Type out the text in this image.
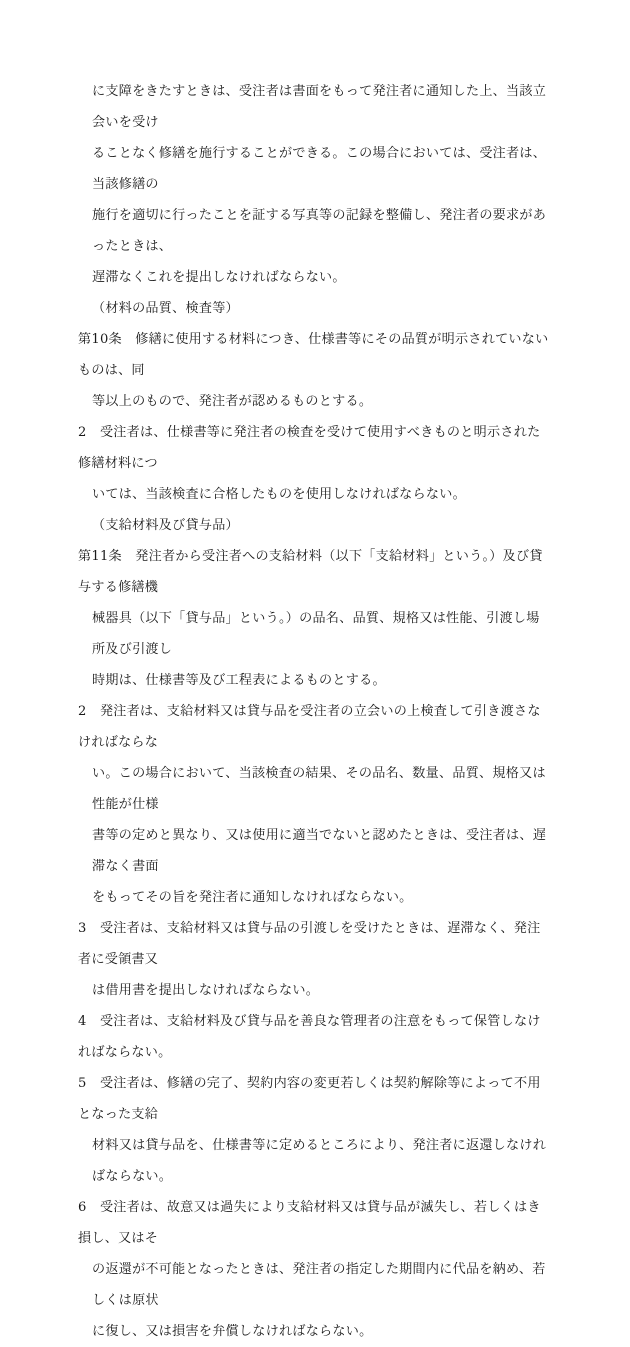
に支障をきたすときは、受注者は書面をもって発注者に通知した上、当該立会いを受け
ることなく修繕を施行することができる。この場合においては、受注者は、当該修繕の
施行を適切に行ったことを証する写真等の記録を整備し、発注者の要求があったときは、
遅滞なくこれを提出しなければならない。
（材料の品質、検査等）
第10条　修繕に使用する材料につき、仕様書等にその品質が明示されていないものは、同
等以上のもので、発注者が認めるものとする。
2　受注者は、仕様書等に発注者の検査を受けて使用すべきものと明示された修繕材料につ
いては、当該検査に合格したものを使用しなければならない。
（支給材料及び貸与品）
第11条　発注者から受注者への支給材料（以下「支給材料」という。）及び貸与する修繕機
械器具（以下「貸与品」という。）の品名、品質、規格又は性能、引渡し場所及び引渡し
時期は、仕様書等及び工程表によるものとする。
2　発注者は、支給材料又は貸与品を受注者の立会いの上検査して引き渡さなければならな
い。この場合において、当該検査の結果、その品名、数量、品質、規格又は性能が仕様
書等の定めと異なり、又は使用に適当でないと認めたときは、受注者は、遅滞なく書面
をもってその旨を発注者に通知しなければならない。
3　受注者は、支給材料又は貸与品の引渡しを受けたときは、遅滞なく、発注者に受領書又
は借用書を提出しなければならない。
4　受注者は、支給材料及び貸与品を善良な管理者の注意をもって保管しなければならない。
5　受注者は、修繕の完了、契約内容の変更若しくは契約解除等によって不用となった支給
材料又は貸与品を、仕様書等に定めるところにより、発注者に返還しなければならない。
6　受注者は、故意又は過失により支給材料又は貸与品が滅失し、若しくはき損し、又はそ
の返還が不可能となったときは、発注者の指定した期間内に代品を納め、若しくは原状
に復し、又は損害を弁償しなければならない。
